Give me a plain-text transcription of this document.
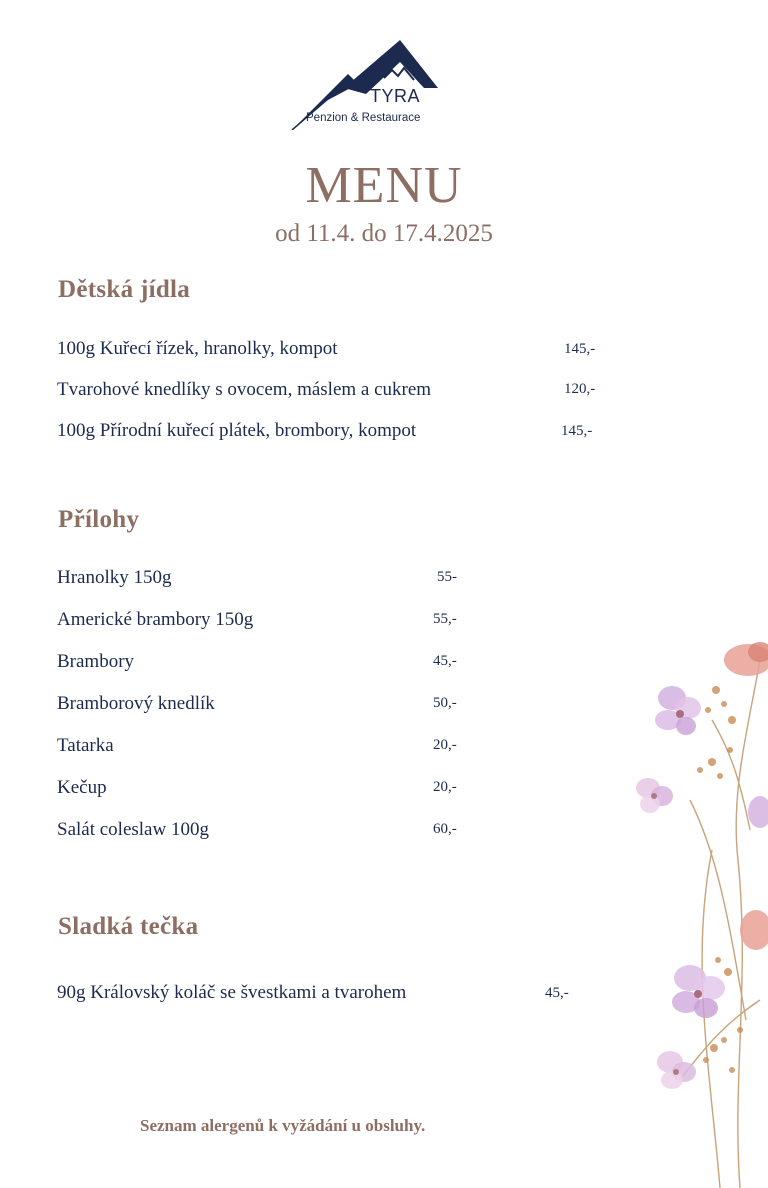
TYRA
Penzion & Restaurace
MENU
od 11.4. do 17.4.2025
Dětská jídla
100g Kuřecí řízek, hranolky, kompot	145,-
Tvarohové knedlíky s ovocem, máslem a cukrem	120,-
100g Přírodní kuřecí plátek, brombory, kompot	145,-
Přílohy
Hranolky 150g	55-
Americké brambory 150g	55,-
Brambory	45,-
Bramborový knedlík	50,-
Tatarka	20,-
Kečup	20,-
Salát coleslaw 100g	60,-
Sladká tečka
90g Královský koláč se švestkami a tvarohem	45,-
Seznam alergenů k vyžádání u obsluhy.
